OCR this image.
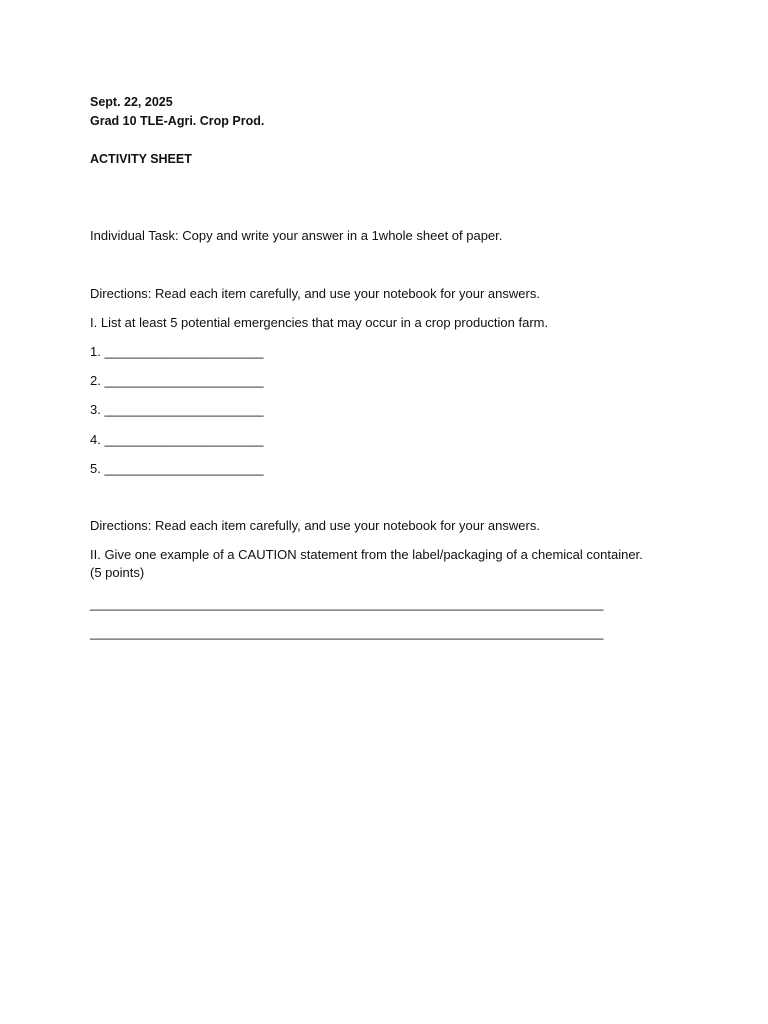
Sept. 22, 2025
Grad 10 TLE-Agri. Crop Prod.
ACTIVITY SHEET
Individual Task: Copy and write your answer in a 1whole sheet of paper.
Directions: Read each item carefully, and use your notebook for your answers.
I. List at least 5 potential emergencies that may occur in a crop production farm.
1. ______________________
2. ______________________
3. ______________________
4. ______________________
5. ______________________
Directions: Read each item carefully, and use your notebook for your answers.
II. Give one example of a CAUTION statement from the label/packaging of a chemical container. (5 points)
_______________________________________________________________________
_______________________________________________________________________
